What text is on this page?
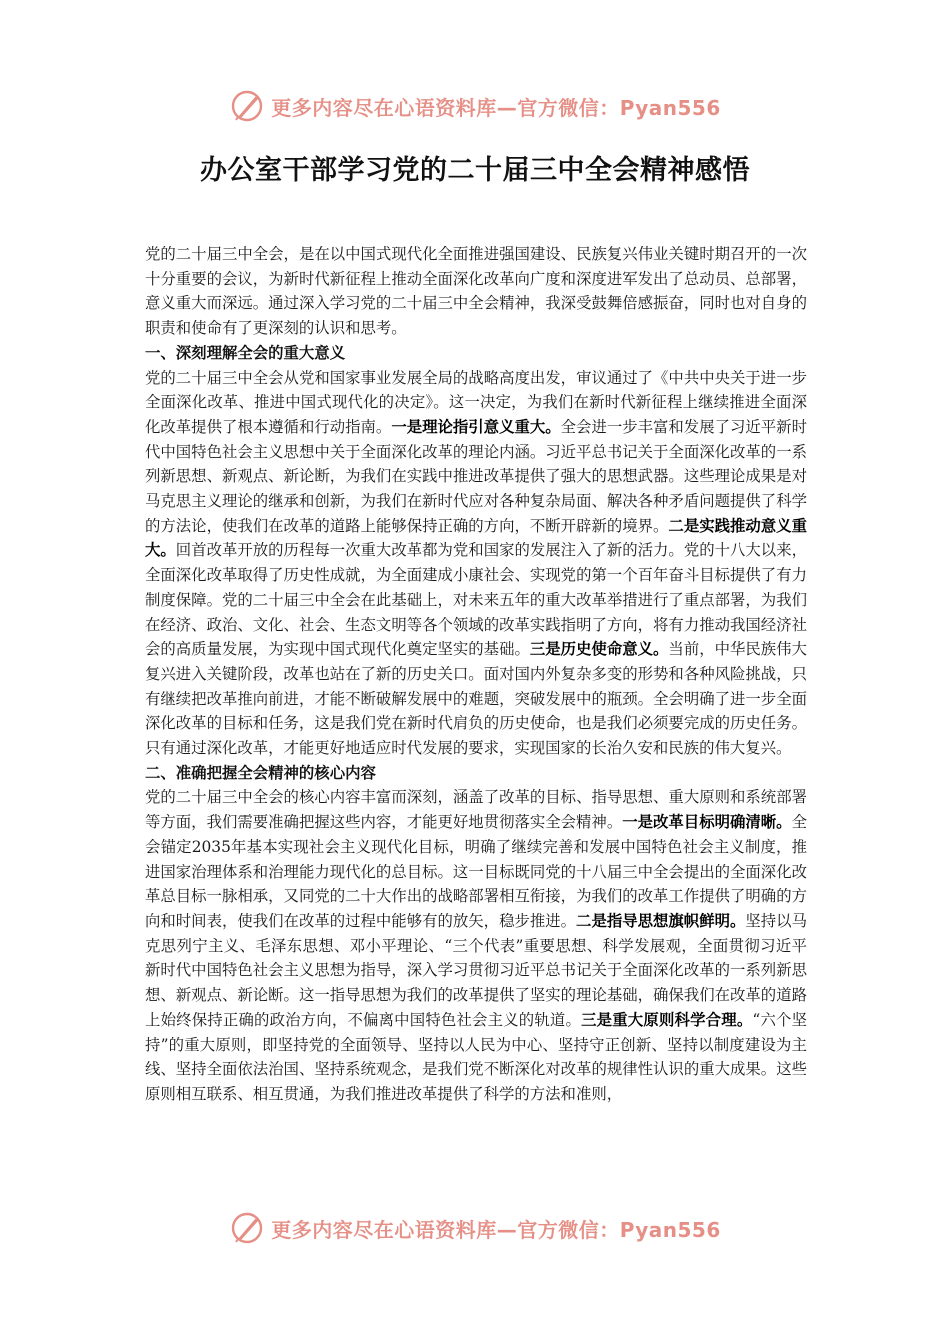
更多内容尽在心语资料库—官方微信：Pyan556
办公室干部学习党的二十届三中全会精神感悟

党的二十届三中全会，是在以中国式现代化全面推进强国建设、民族复兴伟业关键时期召开的一次十分重要的会议，为新时代新征程上推动全面深化改革向广度和深度进军发出了总动员、总部署，意义重大而深远。通过深入学习党的二十届三中全会精神，我深受鼓舞倍感振奋，同时也对自身的职责和使命有了更深刻的认识和思考。

一、深刻理解全会的重大意义

党的二十届三中全会从党和国家事业发展全局的战略高度出发，审议通过了《中共中央关于进一步全面深化改革、推进中国式现代化的决定》。这一决定，为我们在新时代新征程上继续推进全面深化改革提供了根本遵循和行动指南。一是理论指引意义重大。全会进一步丰富和发展了习近平新时代中国特色社会主义思想中关于全面深化改革的理论内涵。习近平总书记关于全面深化改革的一系列新思想、新观点、新论断，为我们在实践中推进改革提供了强大的思想武器。这些理论成果是对马克思主义理论的继承和创新，为我们在新时代应对各种复杂局面、解决各种矛盾问题提供了科学的方法论，使我们在改革的道路上能够保持正确的方向，不断开辟新的境界。二是实践推动意义重大。回首改革开放的历程每一次重大改革都为党和国家的发展注入了新的活力。党的十八大以来，全面深化改革取得了历史性成就，为全面建成小康社会、实现党的第一个百年奋斗目标提供了有力制度保障。党的二十届三中全会在此基础上，对未来五年的重大改革举措进行了重点部署，为我们在经济、政治、文化、社会、生态文明等各个领域的改革实践指明了方向，将有力推动我国经济社会的高质量发展，为实现中国式现代化奠定坚实的基础。三是历史使命意义。当前，中华民族伟大复兴进入关键阶段，改革也站在了新的历史关口。面对国内外复杂多变的形势和各种风险挑战，只有继续把改革推向前进，才能不断破解发展中的难题，突破发展中的瓶颈。全会明确了进一步全面深化改革的目标和任务，这是我们党在新时代肩负的历史使命，也是我们必须要完成的历史任务。只有通过深化改革，才能更好地适应时代发展的要求，实现国家的长治久安和民族的伟大复兴。

二、准确把握全会精神的核心内容

党的二十届三中全会的核心内容丰富而深刻，涵盖了改革的目标、指导思想、重大原则和系统部署等方面，我们需要准确把握这些内容，才能更好地贯彻落实全会精神。一是改革目标明确清晰。全会锚定2035年基本实现社会主义现代化目标，明确了继续完善和发展中国特色社会主义制度，推进国家治理体系和治理能力现代化的总目标。这一目标既同党的十八届三中全会提出的全面深化改革总目标一脉相承，又同党的二十大作出的战略部署相互衔接，为我们的改革工作提供了明确的方向和时间表，使我们在改革的过程中能够有的放矢，稳步推进。二是指导思想旗帜鲜明。坚持以马克思列宁主义、毛泽东思想、邓小平理论、“三个代表”重要思想、科学发展观，全面贯彻习近平新时代中国特色社会主义思想为指导，深入学习贯彻习近平总书记关于全面深化改革的一系列新思想、新观点、新论断。这一指导思想为我们的改革提供了坚实的理论基础，确保我们在改革的道路上始终保持正确的政治方向，不偏离中国特色社会主义的轨道。三是重大原则科学合理。“六个坚持”的重大原则，即坚持党的全面领导、坚持以人民为中心、坚持守正创新、坚持以制度建设为主线、坚持全面依法治国、坚持系统观念，是我们党不断深化对改革的规律性认识的重大成果。这些原则相互联系、相互贯通，为我们推进改革提供了科学的方法和准则，

更多内容尽在心语资料库—官方微信：Pyan556
